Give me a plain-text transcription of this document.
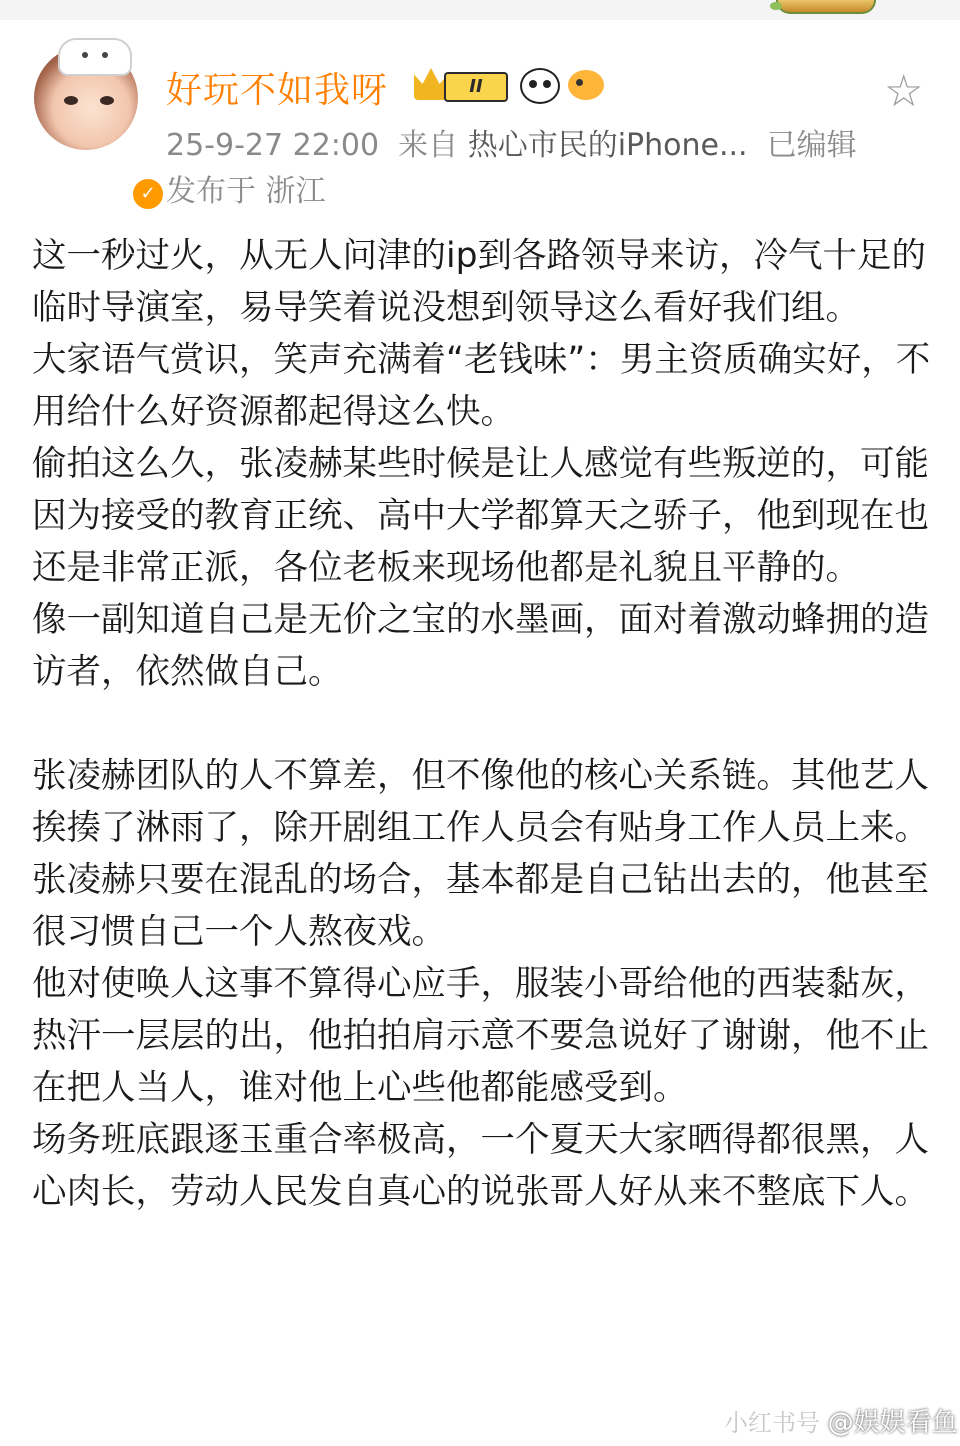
✓
好玩不如我呀	II	☆
25-9-27 22:00 来自 热心市民的iPhone... 已编辑
发布于 浙江

这一秒过火，从无人问津的ip到各路领导来访，冷气十足的临时导演室，易导笑着说没想到领导这么看好我们组。

大家语气赏识，笑声充满着“老钱味”：男主资质确实好，不用给什么好资源都起得这么快。

偷拍这么久，张凌赫某些时候是让人感觉有些叛逆的，可能因为接受的教育正统、高中大学都算天之骄子，他到现在也还是非常正派，各位老板来现场他都是礼貌且平静的。

像一副知道自己是无价之宝的水墨画，面对着激动蜂拥的造访者，依然做自己。

张凌赫团队的人不算差，但不像他的核心关系链。其他艺人挨揍了淋雨了，除开剧组工作人员会有贴身工作人员上来。张凌赫只要在混乱的场合，基本都是自己钻出去的，他甚至很习惯自己一个人熬夜戏。

他对使唤人这事不算得心应手，服装小哥给他的西装黏灰，热汗一层层的出，他拍拍肩示意不要急说好了谢谢，他不止在把人当人，谁对他上心些他都能感受到。

场务班底跟逐玉重合率极高，一个夏天大家晒得都很黑，人心肉长，劳动人民发自真心的说张哥人好从来不整底下人。

小红书号 @娱娱看鱼
